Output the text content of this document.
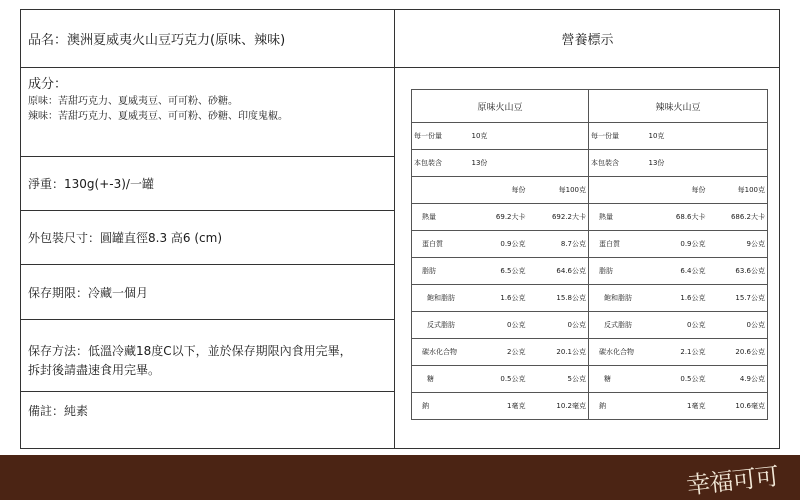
品名：澳洲夏威夷火山豆巧克力(原味、辣味)
成分：
原味：苦甜巧克力、夏威夷豆、可可粉、砂糖。
辣味：苦甜巧克力、夏威夷豆、可可粉、砂糖、印度鬼椒。
淨重：130g(+-3)/一罐
外包裝尺寸：圓罐直徑8.3 高6 (cm)
保存期限：冷藏一個月
保存方法：低溫冷藏18度C以下，並於保存期限內食用完畢，
拆封後請盡速食用完畢。
備註：純素
營養標示
原味火山豆			辣味火山豆		
每一份量	10克		每一份量	10克	
本包裝含	13份		本包裝含	13份	
	每份	每100克		每份	每100克
熱量	69.2大卡	692.2大卡	熱量	68.6大卡	686.2大卡
蛋白質	0.9公克	8.7公克	蛋白質	0.9公克	9公克
脂肪	6.5公克	64.6公克	脂肪	6.4公克	63.6公克
飽和脂肪	1.6公克	15.8公克	飽和脂肪	1.6公克	15.7公克
反式脂肪	0公克	0公克	反式脂肪	0公克	0公克
碳水化合物	2公克	20.1公克	碳水化合物	2.1公克	20.6公克
糖	0.5公克	5公克	糖	0.5公克	4.9公克
鈉	1毫克	10.2毫克	鈉	1毫克	10.6毫克
幸福可可
